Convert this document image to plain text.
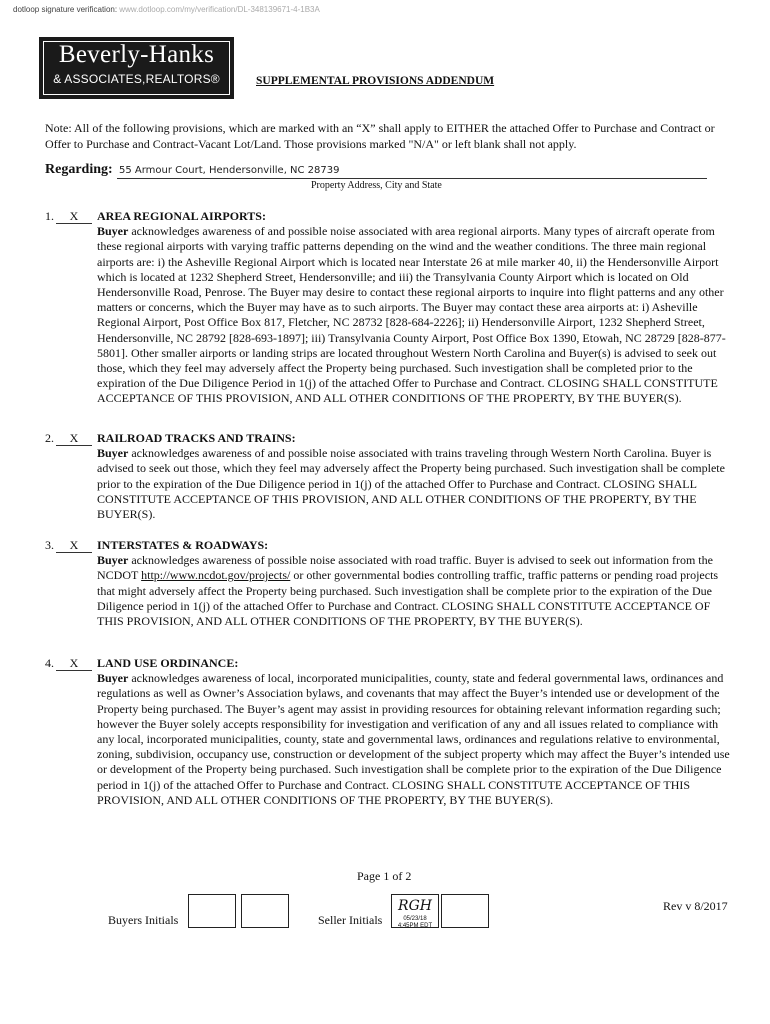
dotloop signature verification: www.dotloop.com/my/verification/DL-348139671-4-1B3A
Beverly-Hanks
& ASSOCIATES,REALTORS®	SUPPLEMENTAL PROVISIONS ADDENDUM
Note: All of the following provisions, which are marked with an “X” shall apply to EITHER the attached Offer to Purchase and Contract or Offer to Purchase and Contract-Vacant Lot/Land. Those provisions marked "N/A" or left blank shall not apply.
Regarding: 55 Armour Court, Hendersonville, NC 28739
Property Address, City and State
1.	X	AREA REGIONAL AIRPORTS:
Buyer acknowledges awareness of and possible noise associated with area regional airports. Many types of aircraft operate from these regional airports with varying traffic patterns depending on the wind and the weather conditions. The three main regional airports are: i) the Asheville Regional Airport which is located near Interstate 26 at mile marker 40, ii) the Hendersonville Airport which is located at 1232 Shepherd Street, Hendersonville; and iii) the Transylvania County Airport which is located on Old Hendersonville Road, Penrose. The Buyer may desire to contact these regional airports to inquire into flight patterns and any other matters or concerns, which the Buyer may have as to such airports. The Buyer may contact these area airports at: i) Asheville Regional Airport, Post Office Box 817, Fletcher, NC 28732 [828-684-2226]; ii) Hendersonville Airport, 1232 Shepherd Street, Hendersonville, NC 28792 [828-693-1897]; iii) Transylvania County Airport, Post Office Box 1390, Etowah, NC 28729 [828-877-5801]. Other smaller airports or landing strips are located throughout Western North Carolina and Buyer(s) is advised to seek out those, which they feel may adversely affect the Property being purchased. Such investigation shall be completed prior to the expiration of the Due Diligence Period in 1(j) of the attached Offer to Purchase and Contract. CLOSING SHALL CONSTITUTE ACCEPTANCE OF THIS PROVISION, AND ALL OTHER CONDITIONS OF THE PROPERTY, BY THE BUYER(S).
2.	X	RAILROAD TRACKS AND TRAINS:
Buyer acknowledges awareness of and possible noise associated with trains traveling through Western North Carolina. Buyer is advised to seek out those, which they feel may adversely affect the Property being purchased. Such investigation shall be complete prior to the expiration of the Due Diligence period in 1(j) of the attached Offer to Purchase and Contract. CLOSING SHALL CONSTITUTE ACCEPTANCE OF THIS PROVISION, AND ALL OTHER CONDITIONS OF THE PROPERTY, BY THE BUYER(S).
3.	X	INTERSTATES & ROADWAYS:
Buyer acknowledges awareness of possible noise associated with road traffic. Buyer is advised to seek out information from the NCDOT http://www.ncdot.gov/projects/ or other governmental bodies controlling traffic, traffic patterns or pending road projects that might adversely affect the Property being purchased. Such investigation shall be complete prior to the expiration of the Due Diligence period in 1(j) of the attached Offer to Purchase and Contract. CLOSING SHALL CONSTITUTE ACCEPTANCE OF THIS PROVISION, AND ALL OTHER CONDITIONS OF THE PROPERTY, BY THE BUYER(S).
4.	X	LAND USE ORDINANCE:
Buyer acknowledges awareness of local, incorporated municipalities, county, state and federal governmental laws, ordinances and regulations as well as Owner’s Association bylaws, and covenants that may affect the Buyer’s intended use or development of the Property being purchased. The Buyer’s agent may assist in providing resources for obtaining relevant information regarding such; however the Buyer solely accepts responsibility for investigation and verification of any and all issues related to compliance with any local, incorporated municipalities, county, state and governmental laws, ordinances and regulations relative to environmental, zoning, subdivision, occupancy use, construction or development of the subject property which may affect the Buyer’s intended use or development of the Property being purchased. Such investigation shall be complete prior to the expiration of the Due Diligence period in 1(j) of the attached Offer to Purchase and Contract. CLOSING SHALL CONSTITUTE ACCEPTANCE OF THIS PROVISION, AND ALL OTHER CONDITIONS OF THE PROPERTY, BY THE BUYER(S).
Page 1 of 2
Rev v 8/2017
Buyers Initials	Seller Initials
RGH
05/23/18
4:45PM EDT
